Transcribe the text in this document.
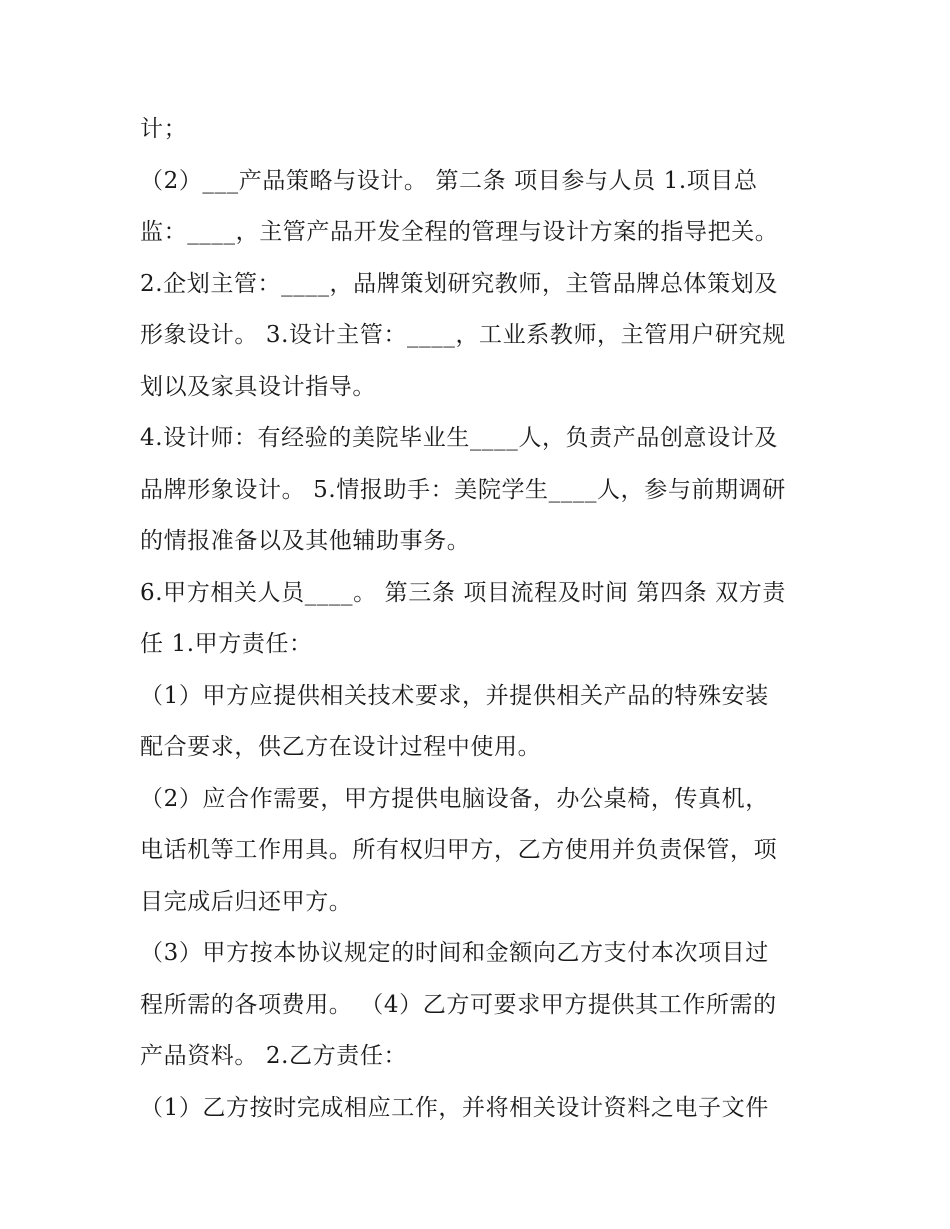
计；
（2）___产品策略与设计。 第二条 项目参与人员 1.项目总
监：____，主管产品开发全程的管理与设计方案的指导把关。
2.企划主管：____，品牌策划研究教师，主管品牌总体策划及
形象设计。 3.设计主管：____，工业系教师，主管用户研究规
划以及家具设计指导。
4.设计师：有经验的美院毕业生____人，负责产品创意设计及
品牌形象设计。 5.情报助手：美院学生____人，参与前期调研
的情报准备以及其他辅助事务。
6.甲方相关人员____。 第三条 项目流程及时间 第四条 双方责
任 1.甲方责任：
（1）甲方应提供相关技术要求，并提供相关产品的特殊安装
配合要求，供乙方在设计过程中使用。
（2）应合作需要，甲方提供电脑设备，办公桌椅，传真机，
电话机等工作用具。所有权归甲方，乙方使用并负责保管，项
目完成后归还甲方。
（3）甲方按本协议规定的时间和金额向乙方支付本次项目过
程所需的各项费用。 （4）乙方可要求甲方提供其工作所需的
产品资料。 2.乙方责任：
（1）乙方按时完成相应工作，并将相关设计资料之电子文件
